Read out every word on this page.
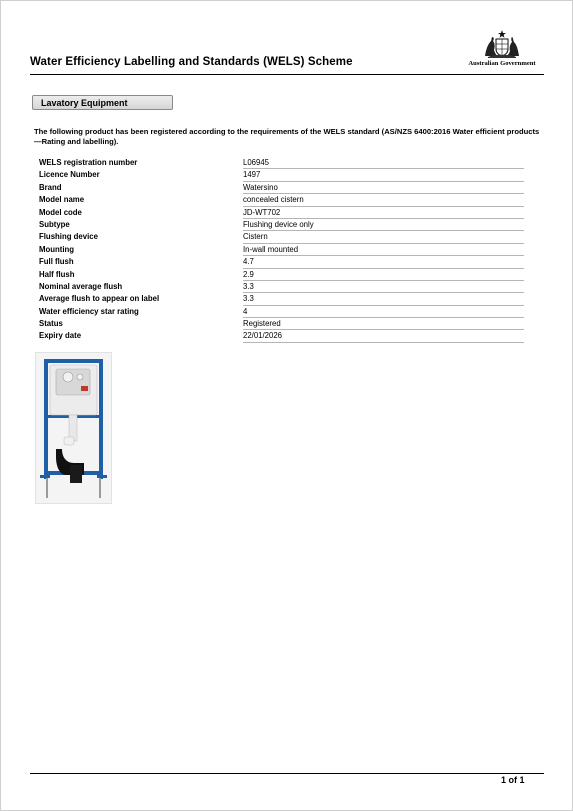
Water Efficiency Labelling and Standards (WELS) Scheme	Australian Government
Lavatory Equipment
The following product has been registered according to the requirements of the WELS standard (AS/NZS 6400:2016 Water efficient products—Rating and labelling).
WELS registration number	L06945
Licence Number	1497
Brand	Watersino
Model name	concealed cistern
Model code	JD-WT702
Subtype	Flushing device only
Flushing device	Cistern
Mounting	In-wall mounted
Full flush	4.7
Half flush	2.9
Nominal average flush	3.3
Average flush to appear on label	3.3
Water efficiency star rating	4
Status	Registered
Expiry date	22/01/2026
1 of 1
